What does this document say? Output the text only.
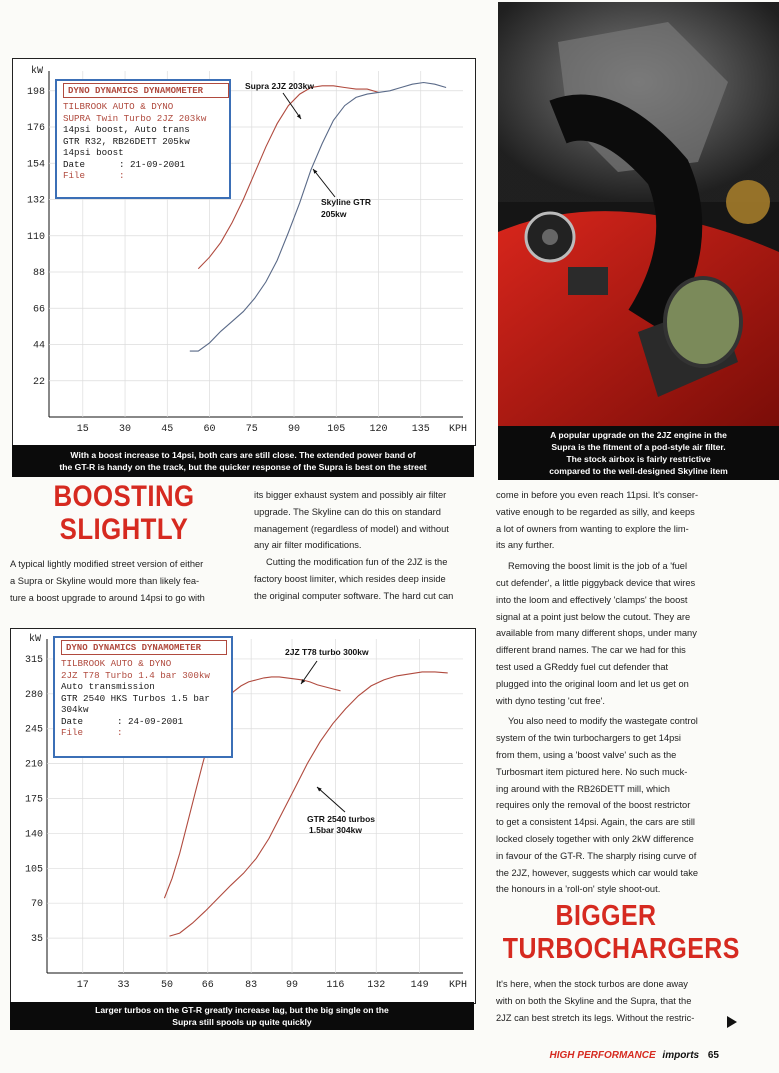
22
44
66
88
110
132
154
176
198
15	30	45	60	75	90	105 120 135
kW
KPH
Supra 2JZ 203kw
Skyline GTR
205kw
DYNO DYNAMICS DYNAMOMETER
TILBROOK AUTO & DYNO
SUPRA Twin Turbo 2JZ 203kw
14psi boost, Auto trans
GTR R32, RB26DETT 205kw
14psi boost
Date	: 21-09-2001
File	:
With a boost increase to 14psi, both cars are still close. The extended power band of
the GT-R is handy on the track, but the quicker response of the Supra is best on the street
A popular upgrade on the 2JZ engine in the
Supra is the fitment of a pod-style air filter.
The stock airbox is fairly restrictive
compared to the well-designed Skyline item
BOOSTING
SLIGHTLY
A typical lightly modified street version of either
a Supra or Skyline would more than likely fea-
ture a boost upgrade to around 14psi to go with
its bigger exhaust system and possibly air filter
upgrade. The Skyline can do this on standard
management (regardless of model) and without
any air filter modifications.
Cutting the modification fun of the 2JZ is the
factory boost limiter, which resides deep inside
the original computer software. The hard cut can
35
70
105
140
175
210
245
280
315
17	33	50	66	83	99	116 132	149
kW
KPH
2JZ T78 turbo 300kw
GTR 2540 turbos
1.5bar 304kw
DYNO DYNAMICS DYNAMOMETER
TILBROOK AUTO & DYNO
2JZ T78 Turbo 1.4 bar 300kw
Auto transmission
GTR 2540 HKS Turbos 1.5 bar
304kw
Date	: 24-09-2001
File	:
Larger turbos on the GT-R greatly increase lag, but the big single on the
Supra still spools up quite quickly
come in before you even reach 11psi. It's conser-
vative enough to be regarded as silly, and keeps
a lot of owners from wanting to explore the lim-
its any further.
Removing the boost limit is the job of a 'fuel
cut defender', a little piggyback device that wires
into the loom and effectively 'clamps' the boost
signal at a point just below the cutout. They are
available from many different shops, under many
different brand names. The car we had for this
test used a GReddy fuel cut defender that
plugged into the original loom and let us get on
with dyno testing 'cut free'.
You also need to modify the wastegate control
system of the twin turbochargers to get 14psi
from them, using a 'boost valve' such as the
Turbosmart item pictured here. No such muck-
ing around with the RB26DETT mill, which
requires only the removal of the boost restrictor
to get a consistent 14psi. Again, the cars are still
locked closely together with only 2kW difference
in favour of the GT-R. The sharply rising curve of
the 2JZ, however, suggests which car would take
the honours in a 'roll-on' style shoot-out.
BIGGER
TURBOCHARGERS
It's here, when the stock turbos are done away
with on both the Skyline and the Supra, that the
2JZ can best stretch its legs. Without the restric-
HIGH PERFORMANCE imports 65
